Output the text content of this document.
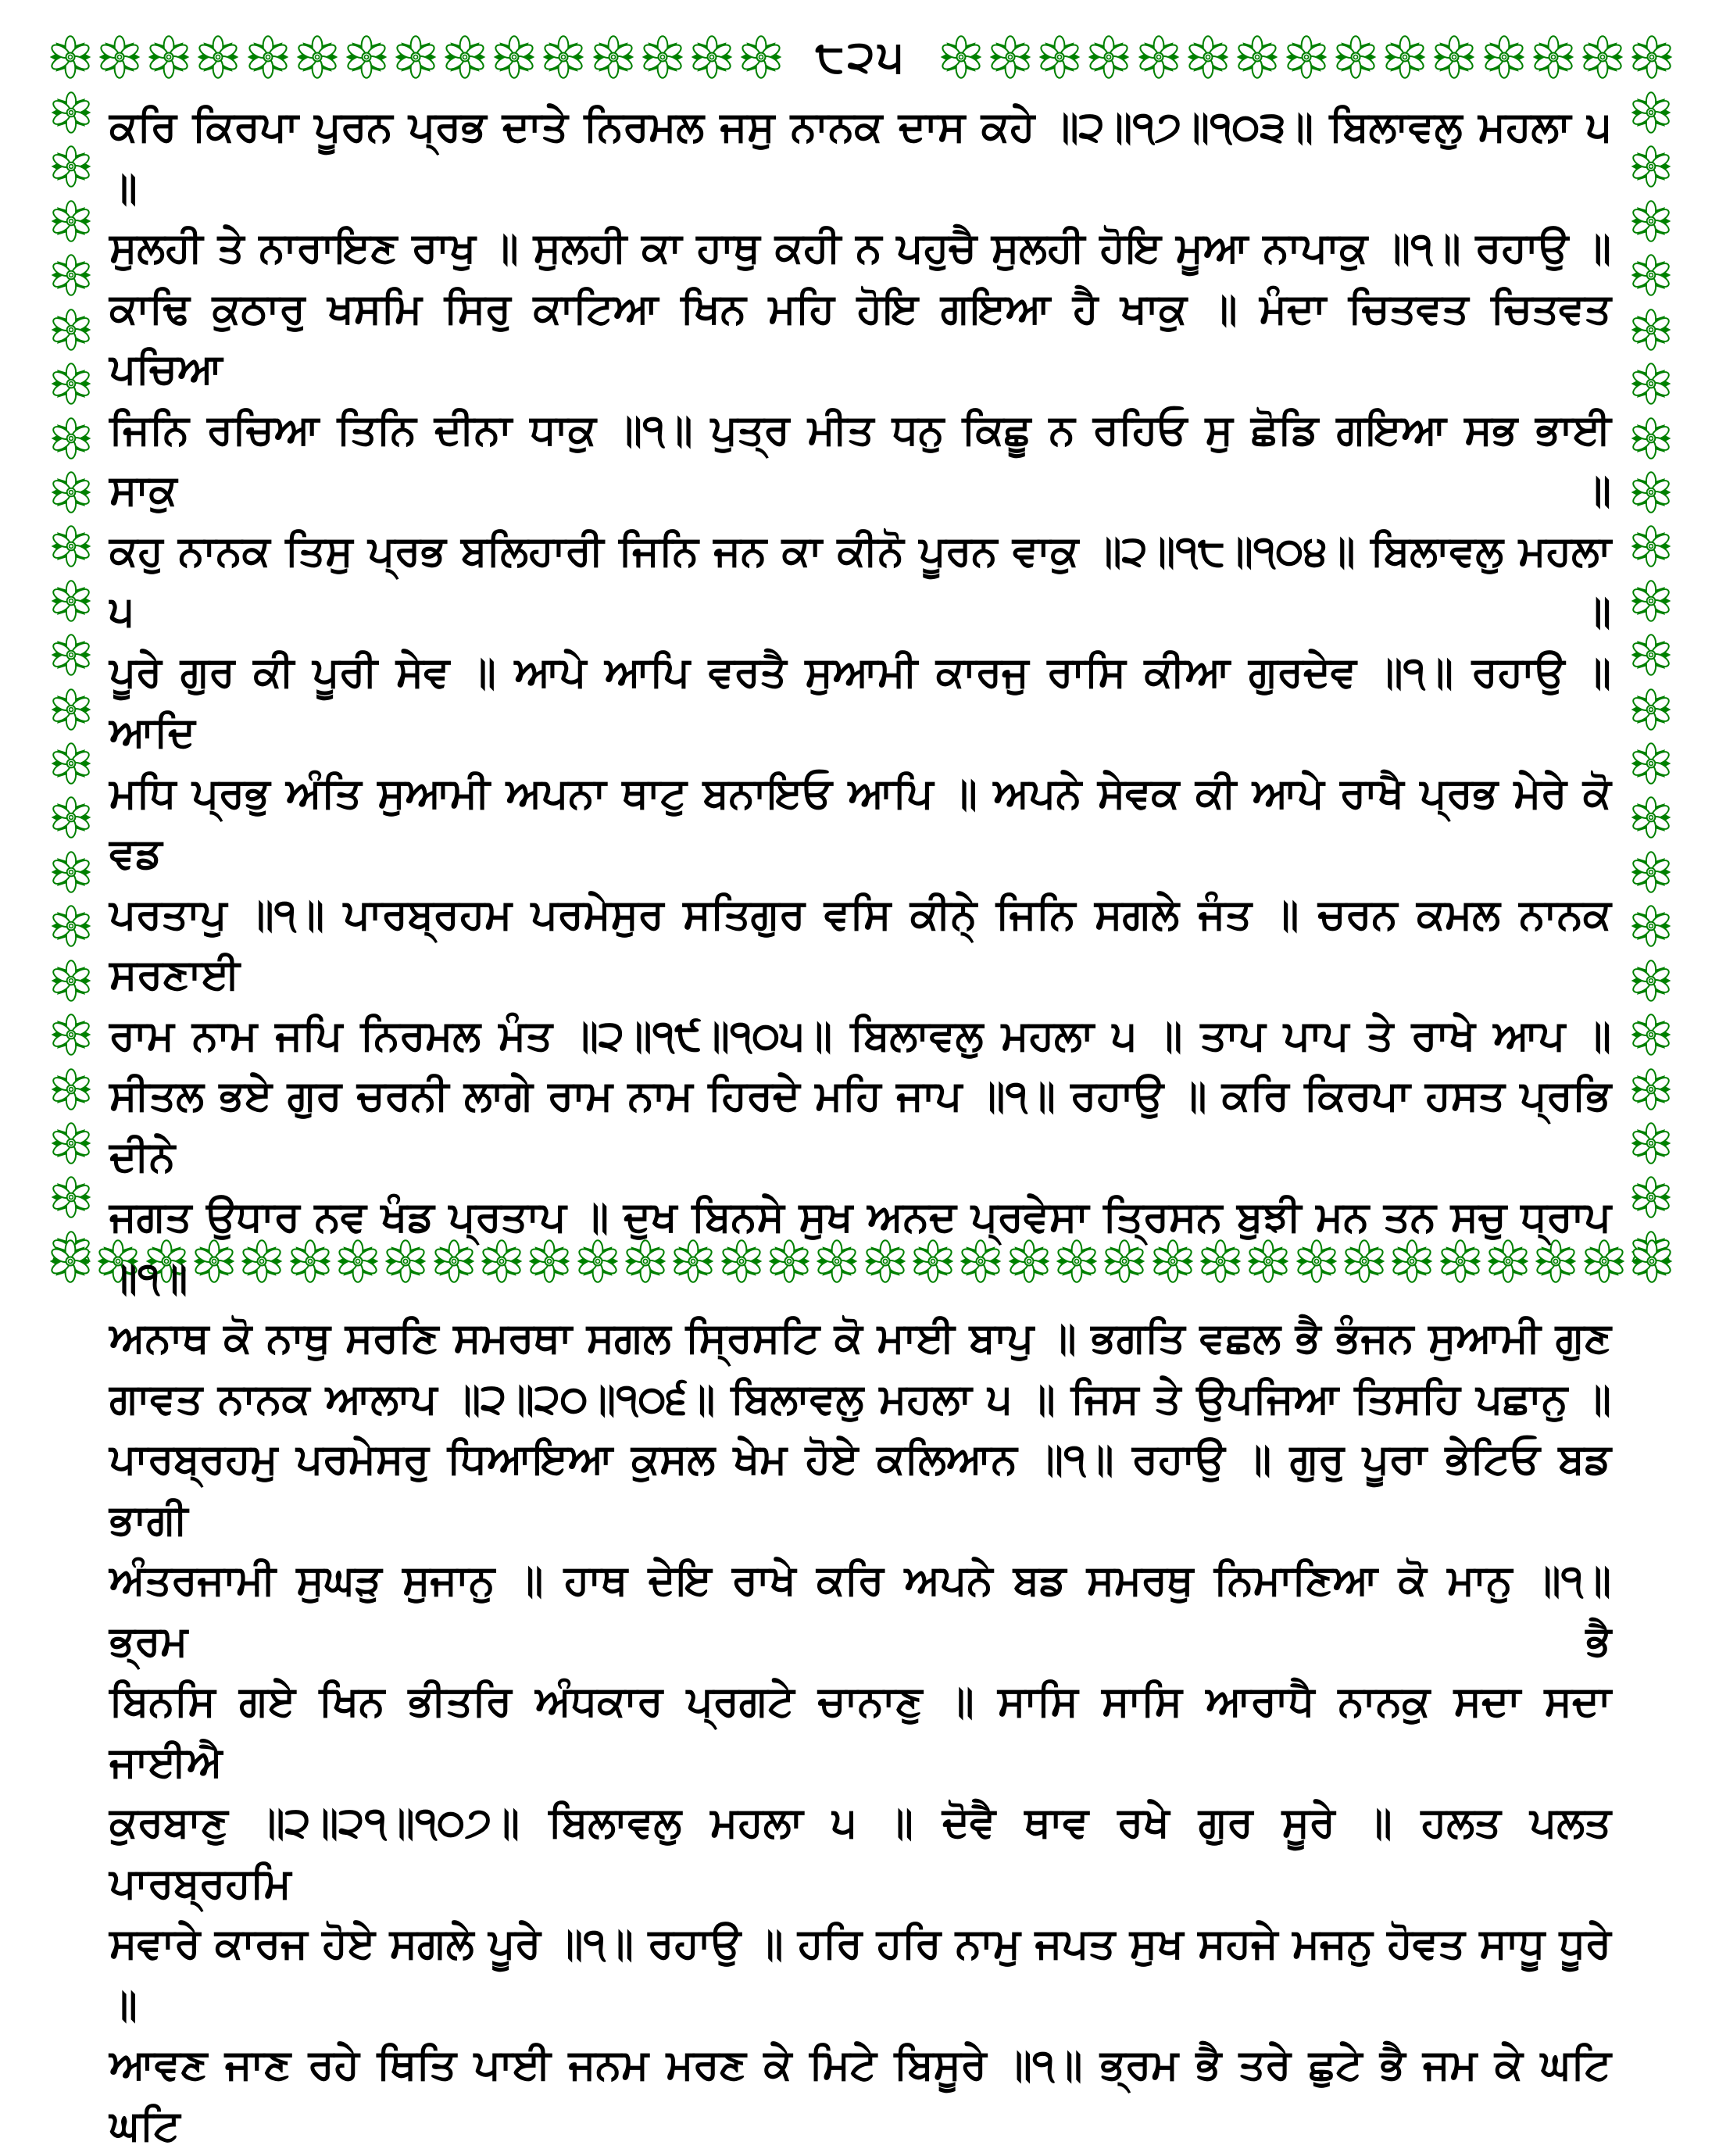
੮੨੫
ਕਰਿ ਕਿਰਪਾ ਪੂਰਨ ਪ੍ਰਭ ਦਾਤੇ ਨਿਰਮਲ ਜਸੁ ਨਾਨਕ ਦਾਸ ਕਹੇ ॥੨॥੧੭॥੧੦੩॥ ਬਿਲਾਵਲੁ ਮਹਲਾ ੫ ॥
ਸੁਲਹੀ ਤੇ ਨਾਰਾਇਣ ਰਾਖੁ ॥ ਸੁਲਹੀ ਕਾ ਹਾਥੁ ਕਹੀ ਨ ਪਹੁਚੈ ਸੁਲਹੀ ਹੋਇ ਮੂਆ ਨਾਪਾਕੁ ॥੧॥ ਰਹਾਉ ॥
ਕਾਢਿ ਕੁਠਾਰੁ ਖਸਮਿ ਸਿਰੁ ਕਾਟਿਆ ਖਿਨ ਮਹਿ ਹੋਇ ਗਇਆ ਹੈ ਖਾਕੁ ॥ ਮੰਦਾ ਚਿਤਵਤ ਚਿਤਵਤ ਪਚਿਆ
ਜਿਨਿ ਰਚਿਆ ਤਿਨਿ ਦੀਨਾ ਧਾਕੁ ॥੧॥ ਪੁਤ੍ਰ ਮੀਤ ਧਨੁ ਕਿਛੂ ਨ ਰਹਿਓ ਸੁ ਛੋਡਿ ਗਇਆ ਸਭ ਭਾਈ ਸਾਕੁ ॥
ਕਹੁ ਨਾਨਕ ਤਿਸੁ ਪ੍ਰਭ ਬਲਿਹਾਰੀ ਜਿਨਿ ਜਨ ਕਾ ਕੀਨੋ ਪੂਰਨ ਵਾਕੁ ॥੨॥੧੮॥੧੦੪॥ ਬਿਲਾਵਲੁ ਮਹਲਾ ੫ ॥
ਪੂਰੇ ਗੁਰ ਕੀ ਪੂਰੀ ਸੇਵ ॥ ਆਪੇ ਆਪਿ ਵਰਤੈ ਸੁਆਮੀ ਕਾਰਜੁ ਰਾਸਿ ਕੀਆ ਗੁਰਦੇਵ ॥੧॥ ਰਹਾਉ ॥ ਆਦਿ
ਮਧਿ ਪ੍ਰਭੁ ਅੰਤਿ ਸੁਆਮੀ ਅਪਨਾ ਥਾਟੁ ਬਨਾਇਓ ਆਪਿ ॥ ਅਪਨੇ ਸੇਵਕ ਕੀ ਆਪੇ ਰਾਖੈ ਪ੍ਰਭ ਮੇਰੇ ਕੋ ਵਡ
ਪਰਤਾਪੁ ॥੧॥ ਪਾਰਬ੍ਰਹਮ ਪਰਮੇਸੁਰ ਸਤਿਗੁਰ ਵਸਿ ਕੀਨੇ੍ ਜਿਨਿ ਸਗਲੇ ਜੰਤ ॥ ਚਰਨ ਕਮਲ ਨਾਨਕ ਸਰਣਾਈ
ਰਾਮ ਨਾਮ ਜਪਿ ਨਿਰਮਲ ਮੰਤ ॥੨॥੧੯॥੧੦੫॥ ਬਿਲਾਵਲੁ ਮਹਲਾ ੫ ॥ ਤਾਪ ਪਾਪ ਤੇ ਰਾਖੇ ਆਪ ॥
ਸੀਤਲ ਭਏ ਗੁਰ ਚਰਨੀ ਲਾਗੇ ਰਾਮ ਨਾਮ ਹਿਰਦੇ ਮਹਿ ਜਾਪ ॥੧॥ ਰਹਾਉ ॥ ਕਰਿ ਕਿਰਪਾ ਹਸਤ ਪ੍ਰਭਿ ਦੀਨੇ
ਜਗਤ ਉਧਾਰ ਨਵ ਖੰਡ ਪ੍ਰਤਾਪ ॥ ਦੁਖ ਬਿਨਸੇ ਸੁਖ ਅਨਦ ਪ੍ਰਵੇਸਾ ਤ੍ਰਿਸਨ ਬੁਝੀ ਮਨ ਤਨ ਸਚੁ ਧ੍ਰਾਪ ॥੧॥
ਅਨਾਥ ਕੋ ਨਾਥੁ ਸਰਣਿ ਸਮਰਥਾ ਸਗਲ ਸ੍ਰਿਸਟਿ ਕੋ ਮਾਈ ਬਾਪੁ ॥ ਭਗਤਿ ਵਛਲ ਭੈ ਭੰਜਨ ਸੁਆਮੀ ਗੁਣ
ਗਾਵਤ ਨਾਨਕ ਆਲਾਪ ॥੨॥੨੦॥੧੦੬॥ ਬਿਲਾਵਲੁ ਮਹਲਾ ੫ ॥ ਜਿਸ ਤੇ ਉਪਜਿਆ ਤਿਸਹਿ ਪਛਾਨੁ ॥
ਪਾਰਬ੍ਰਹਮੁ ਪਰਮੇਸਰੁ ਧਿਆਇਆ ਕੁਸਲ ਖੇਮ ਹੋਏ ਕਲਿਆਨ ॥੧॥ ਰਹਾਉ ॥ ਗੁਰੁ ਪੂਰਾ ਭੇਟਿਓ ਬਡ ਭਾਗੀ
ਅੰਤਰਜਾਮੀ ਸੁਘੜੁ ਸੁਜਾਨੁ ॥ ਹਾਥ ਦੇਇ ਰਾਖੇ ਕਰਿ ਅਪਨੇ ਬਡ ਸਮਰਥੁ ਨਿਮਾਣਿਆ ਕੋ ਮਾਨੁ ॥੧॥ ਭ੍ਰਮ ਭੈ
ਬਿਨਸਿ ਗਏ ਖਿਨ ਭੀਤਰਿ ਅੰਧਕਾਰ ਪ੍ਰਗਟੇ ਚਾਨਾਣੁ ॥ ਸਾਸਿ ਸਾਸਿ ਆਰਾਧੈ ਨਾਨਕੁ ਸਦਾ ਸਦਾ ਜਾਈਐ
ਕੁਰਬਾਣੁ ॥੨॥੨੧॥੧੦੭॥ ਬਿਲਾਵਲੁ ਮਹਲਾ ੫ ॥ ਦੋਵੈ ਥਾਵ ਰਖੇ ਗੁਰ ਸੂਰੇ ॥ ਹਲਤ ਪਲਤ ਪਾਰਬ੍ਰਹਮਿ
ਸਵਾਰੇ ਕਾਰਜ ਹੋਏ ਸਗਲੇ ਪੂਰੇ ॥੧॥ ਰਹਾਉ ॥ ਹਰਿ ਹਰਿ ਨਾਮੁ ਜਪਤ ਸੁਖ ਸਹਜੇ ਮਜਨੁ ਹੋਵਤ ਸਾਧੂ ਧੂਰੇ ॥
ਆਵਣ ਜਾਣ ਰਹੇ ਥਿਤਿ ਪਾਈ ਜਨਮ ਮਰਣ ਕੇ ਮਿਟੇ ਬਿਸੂਰੇ ॥੧॥ ਭ੍ਰਮ ਭੈ ਤਰੇ ਛੁਟੇ ਭੈ ਜਮ ਕੇ ਘਟਿ ਘਟਿ
